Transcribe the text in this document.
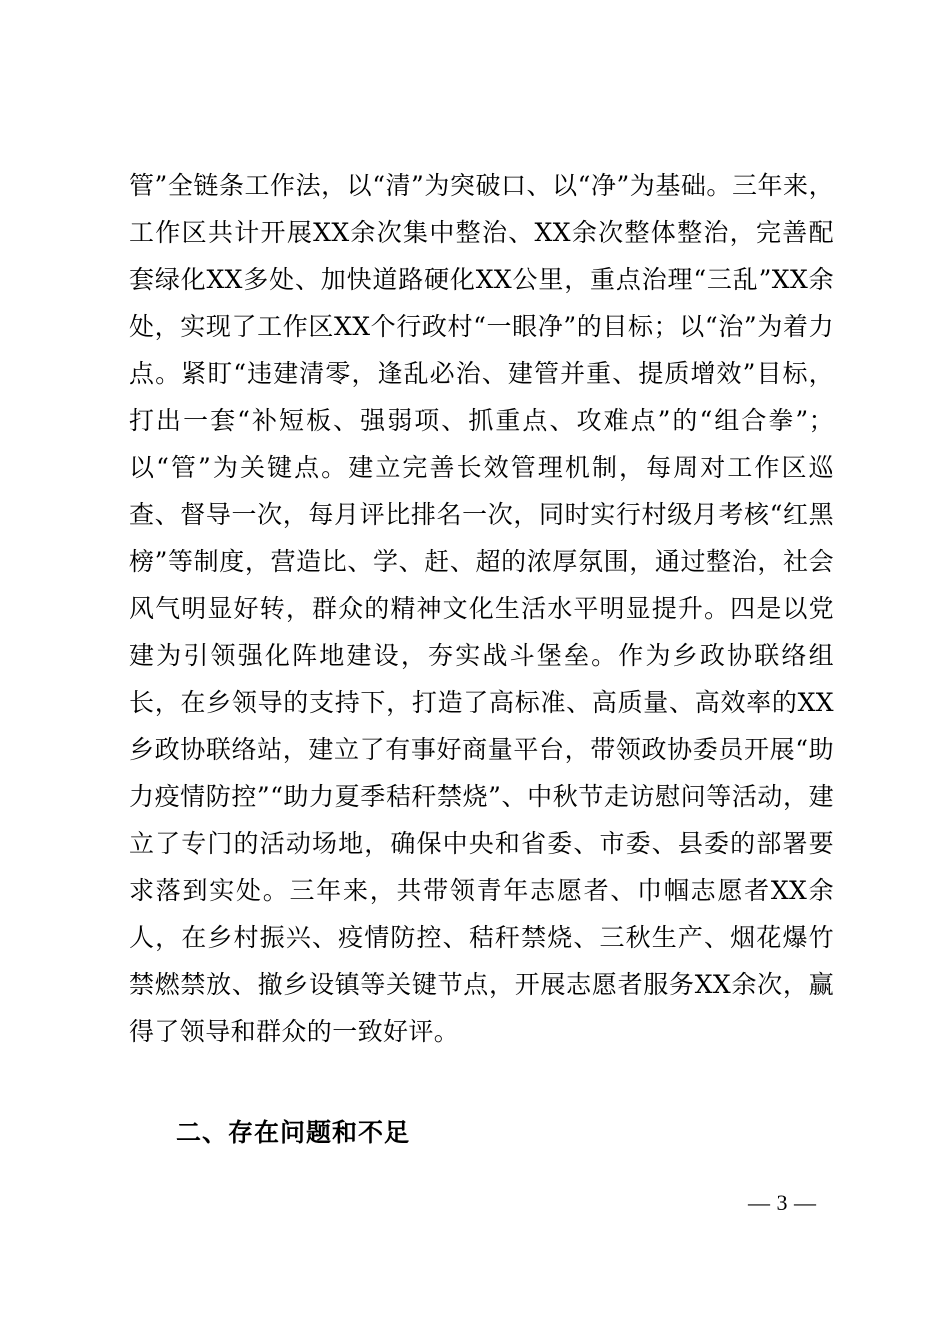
管”全链条工作法，以“清”为突破口、以“净”为基础。三年来，工作区共计开展XX余次集中整治、XX余次整体整治，完善配套绿化XX多处、加快道路硬化XX公里，重点治理“三乱”XX余处，实现了工作区XX个行政村“一眼净”的目标；以“治”为着力点。紧盯“违建清零，逢乱必治、建管并重、提质增效”目标，打出一套“补短板、强弱项、抓重点、攻难点”的“组合拳”；以“管”为关键点。建立完善长效管理机制，每周对工作区巡查、督导一次，每月评比排名一次，同时实行村级月考核“红黑榜”等制度，营造比、学、赶、超的浓厚氛围，通过整治，社会风气明显好转，群众的精神文化生活水平明显提升。四是以党建为引领强化阵地建设，夯实战斗堡垒。作为乡政协联络组长，在乡领导的支持下，打造了高标准、高质量、高效率的XX乡政协联络站，建立了有事好商量平台，带领政协委员开展“助力疫情防控”“助力夏季秸秆禁烧”、中秋节走访慰问等活动，建立了专门的活动场地，确保中央和省委、市委、县委的部署要求落到实处。三年来，共带领青年志愿者、巾帼志愿者XX余人，在乡村振兴、疫情防控、秸秆禁烧、三秋生产、烟花爆竹禁燃禁放、撤乡设镇等关键节点，开展志愿者服务XX余次，赢得了领导和群众的一致好评。

二、存在问题和不足
— 3 —
